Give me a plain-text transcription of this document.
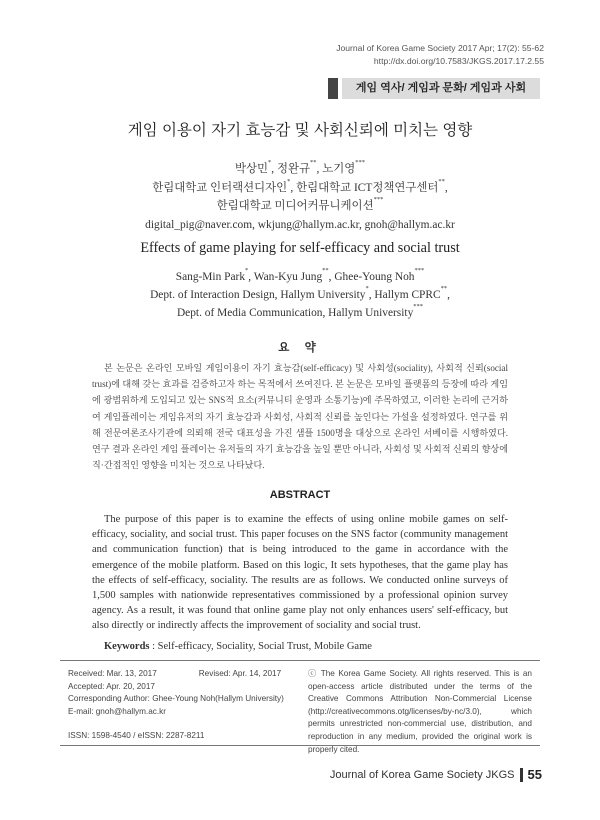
Journal of Korea Game Society 2017 Apr; 17(2): 55-62
http://dx.doi.org/10.7583/JKGS.2017.17.2.55
게임 역사/ 게임과 문화/ 게임과 사회
게임 이용이 자기 효능감 및 사회신뢰에 미치는 영향
박상민*, 정완규**, 노기영***
한림대학교 인터랙션디자인*, 한림대학교 ICT정책연구센터**,
한림대학교 미디어커뮤니케이션***
digital_pig@naver.com, wkjung@hallym.ac.kr, gnoh@hallym.ac.kr
Effects of game playing for self-efficacy and social trust
Sang-Min Park*, Wan-Kyu Jung**, Ghee-Young Noh***
Dept. of Interaction Design, Hallym University*, Hallym CPRC**,
Dept. of Media Communication, Hallym University***
요 약
본 논문은 온라인 모바일 게임이용이 자기 효능감(self-efficacy) 및 사회성(sociality), 사회적 신뢰(social trust)에 대해 갖는 효과를 검증하고자 하는 목적에서 쓰여진다. 본 논문은 모바일 플랫폼의 등장에 따라 게임에 광범위하게 도입되고 있는 SNS적 요소(커뮤니티 운영과 소통기능)에 주목하였고, 이러한 논리에 근거하여 게임플레이는 게임유저의 자기 효능감과 사회성, 사회적 신뢰를 높인다는 가설을 설정하였다. 연구를 위해 전문여론조사기관에 의뢰해 전국 대표성을 가진 샘플 1500명을 대상으로 온라인 서베이를 시행하였다. 연구 결과 온라인 게임 플레이는 유저들의 자기 효능감을 높일 뿐만 아니라, 사회성 및 사회적 신뢰의 향상에 직·간접적인 영향을 미치는 것으로 나타났다.
ABSTRACT
The purpose of this paper is to examine the effects of using online mobile games on self-efficacy, sociality, and social trust. This paper focuses on the SNS factor (community management and communication function) that is being introduced to the game in accordance with the emergence of the mobile platform. Based on this logic, It sets hypotheses, that the game play has the effects of self-efficacy, sociality. The results are as follows. We conducted online surveys of 1,500 samples with nationwide representatives commissioned by a professional opinion survey agency. As a result, it was found that online game play not only enhances users' self-efficacy, but also directly or indirectly affects the improvement of sociality and social trust.
Keywords : Self-efficacy, Sociality, Social Trust, Mobile Game
Received: Mar. 13, 2017	Revised: Apr. 14, 2017
Accepted: Apr. 20, 2017
Corresponding Author: Ghee-Young Noh(Hallym University)
E-mail: gnoh@hallym.ac.kr
ISSN: 1598-4540 / eISSN: 2287-8211
ⓒ The Korea Game Society. All rights reserved. This is an open-access article distributed under the terms of the Creative Commons Attribution Non-Commercial License (http://creativecommons.otg/licenses/by-nc/3.0), which permits unrestricted non-commercial use, distribution, and reproduction in any medium, provided the original work is properly cited.
Journal of Korea Game Society JKGS 55
